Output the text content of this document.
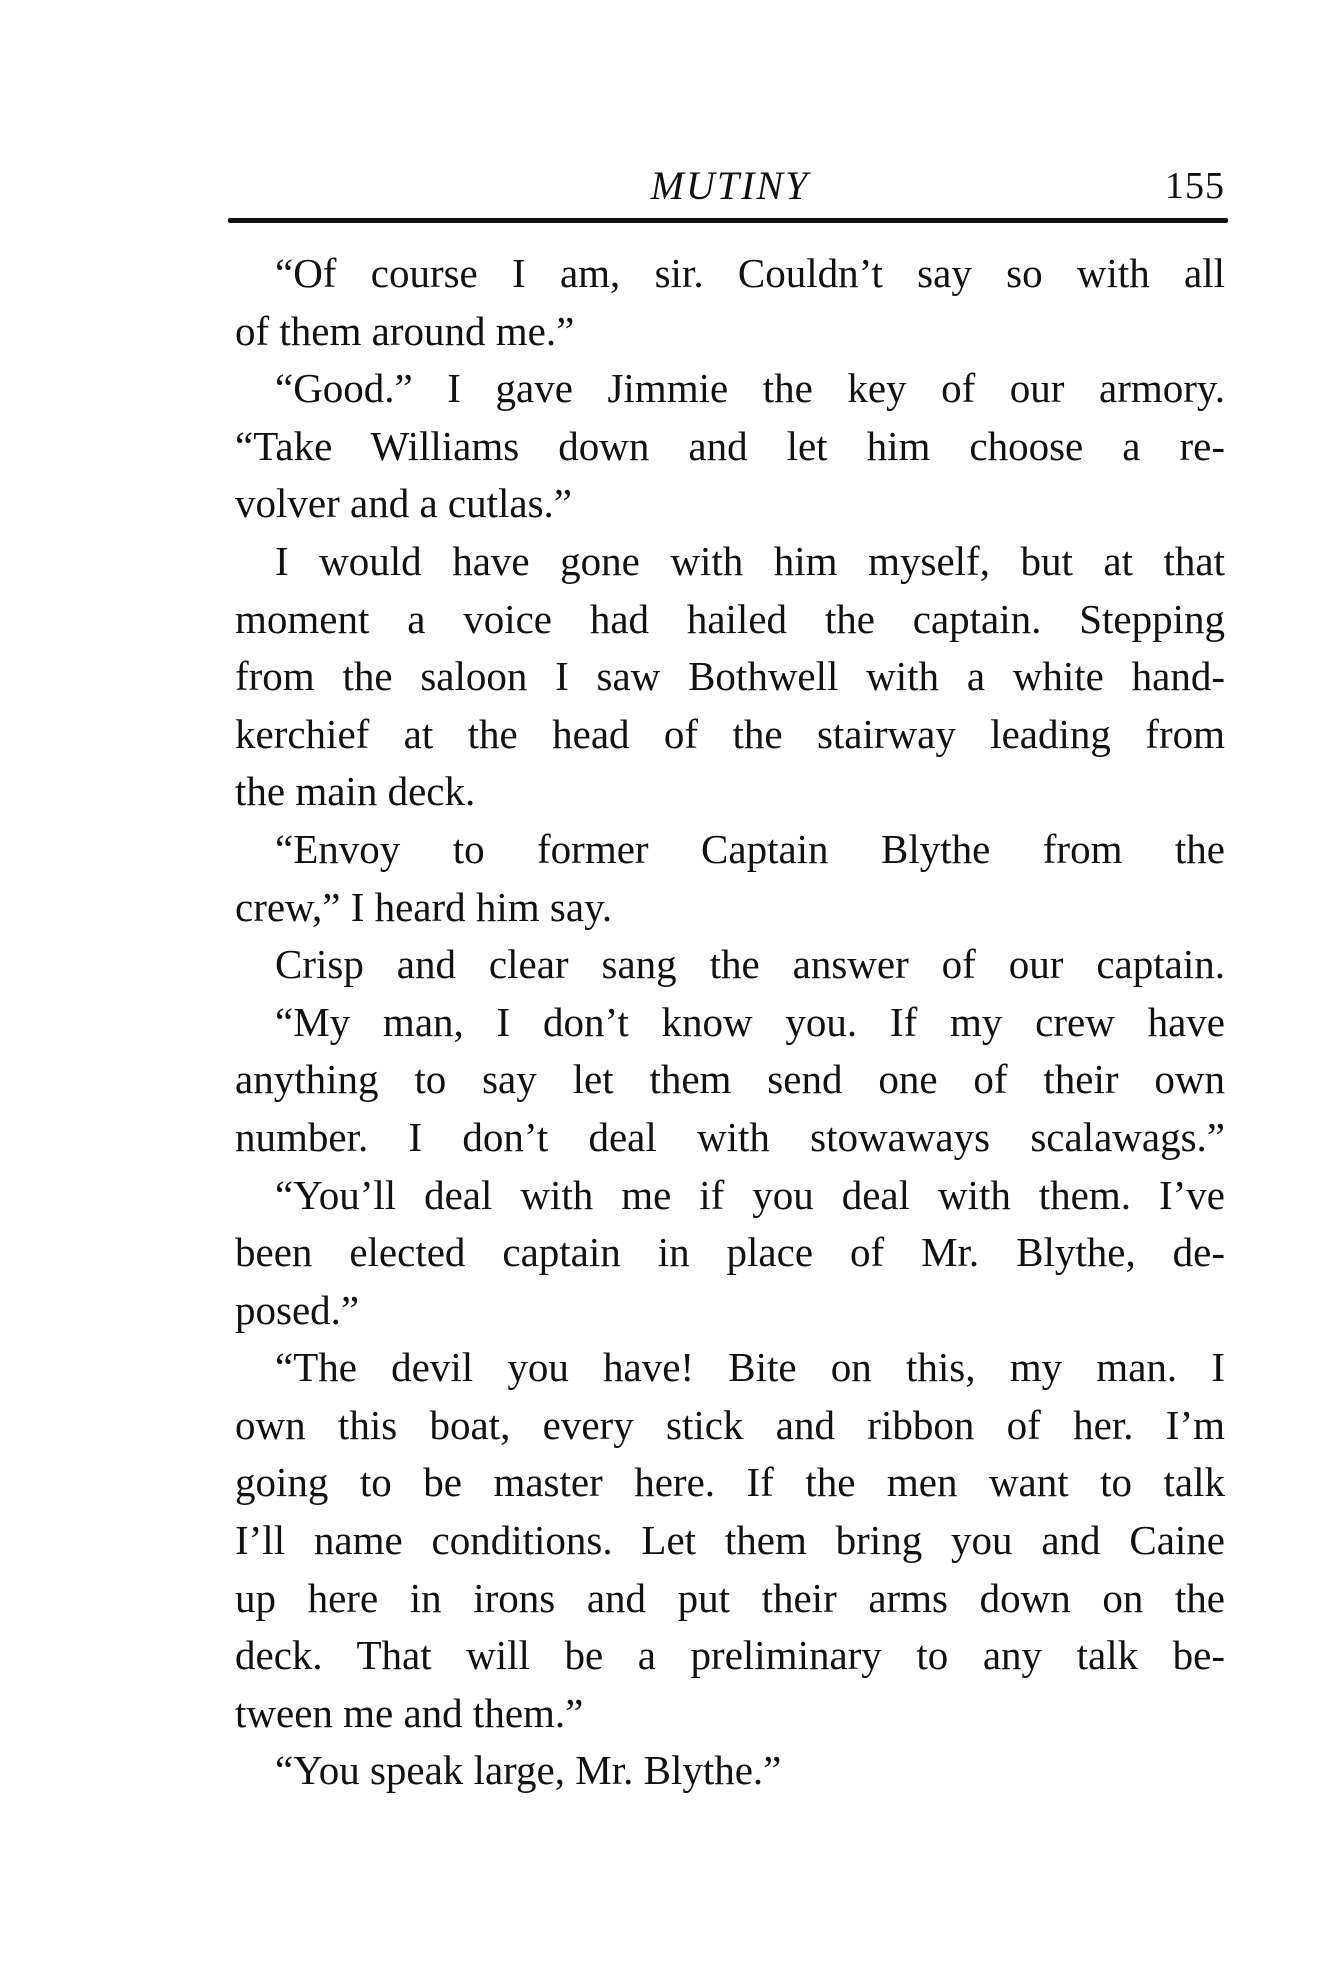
MUTINY	155
“Of course I am, sir. Couldn’t say so with all
of them around me.”
“Good.” I gave Jimmie the key of our armory.
“Take Williams down and let him choose a re-
volver and a cutlas.”
I would have gone with him myself, but at that
moment a voice had hailed the captain. Stepping
from the saloon I saw Bothwell with a white hand-
kerchief at the head of the stairway leading from
the main deck.
“Envoy to former Captain Blythe from the
crew,” I heard him say.
Crisp and clear sang the answer of our captain.
“My man, I don’t know you. If my crew have
anything to say let them send one of their own
number. I don’t deal with stowaways scalawags.”
“You’ll deal with me if you deal with them. I’ve
been elected captain in place of Mr. Blythe, de-
posed.”
“The devil you have! Bite on this, my man. I
own this boat, every stick and ribbon of her. I’m
going to be master here. If the men want to talk
I’ll name conditions. Let them bring you and Caine
up here in irons and put their arms down on the
deck. That will be a preliminary to any talk be-
tween me and them.”
“You speak large, Mr. Blythe.”
